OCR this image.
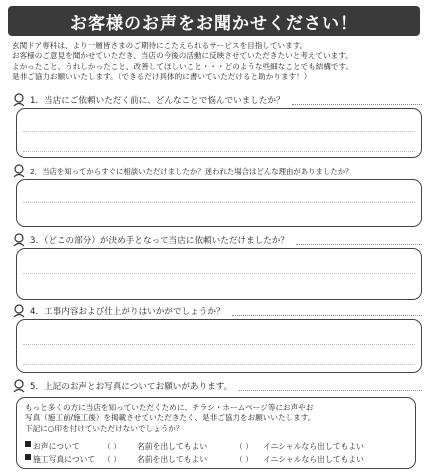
お客様のお声をお聞かせください！
玄関ドア専科は、より一層皆さまのご期待にこたえられるサービスを目指しています。
お客様のご意見を聞かせていただき、当店の今後の活動に反映させていただきたいと考えています。
よかったこと、うれしかったこと、改善してほしいこと・・・どのような些細なことでも結構です。
是非ご協力お願いいたします。（できるだけ具体的に書いていただけると助かります！）
1．当店にご依頼いただく前に、どんなことで悩んでいましたか？
2．当店を知ってからすぐに相談いただけましたか？迷われた場合はどんな理由がありましたか？
3．（どこの部分）が決め手となって当店に依頼いただけましたか？
4．工事内容および仕上がりはいかがでしょうか？
5．上記のお声とお写真についてお願いがあります。
もっと多くの方に当店を知っていただくために、チラシ・ホームページ等にお声やお
写真（施工前/施工後）を掲載させていただきたく、是非ご協力をお願いいたします。
下記に○印を付けていただけないでしょうか？
お声について	（ ）	名前を出してもよい	（ ）	イニシャルなら出してもよい
施工写真について （ ）	名前を出してもよい	（ ）	イニシャルなら出してもよい
